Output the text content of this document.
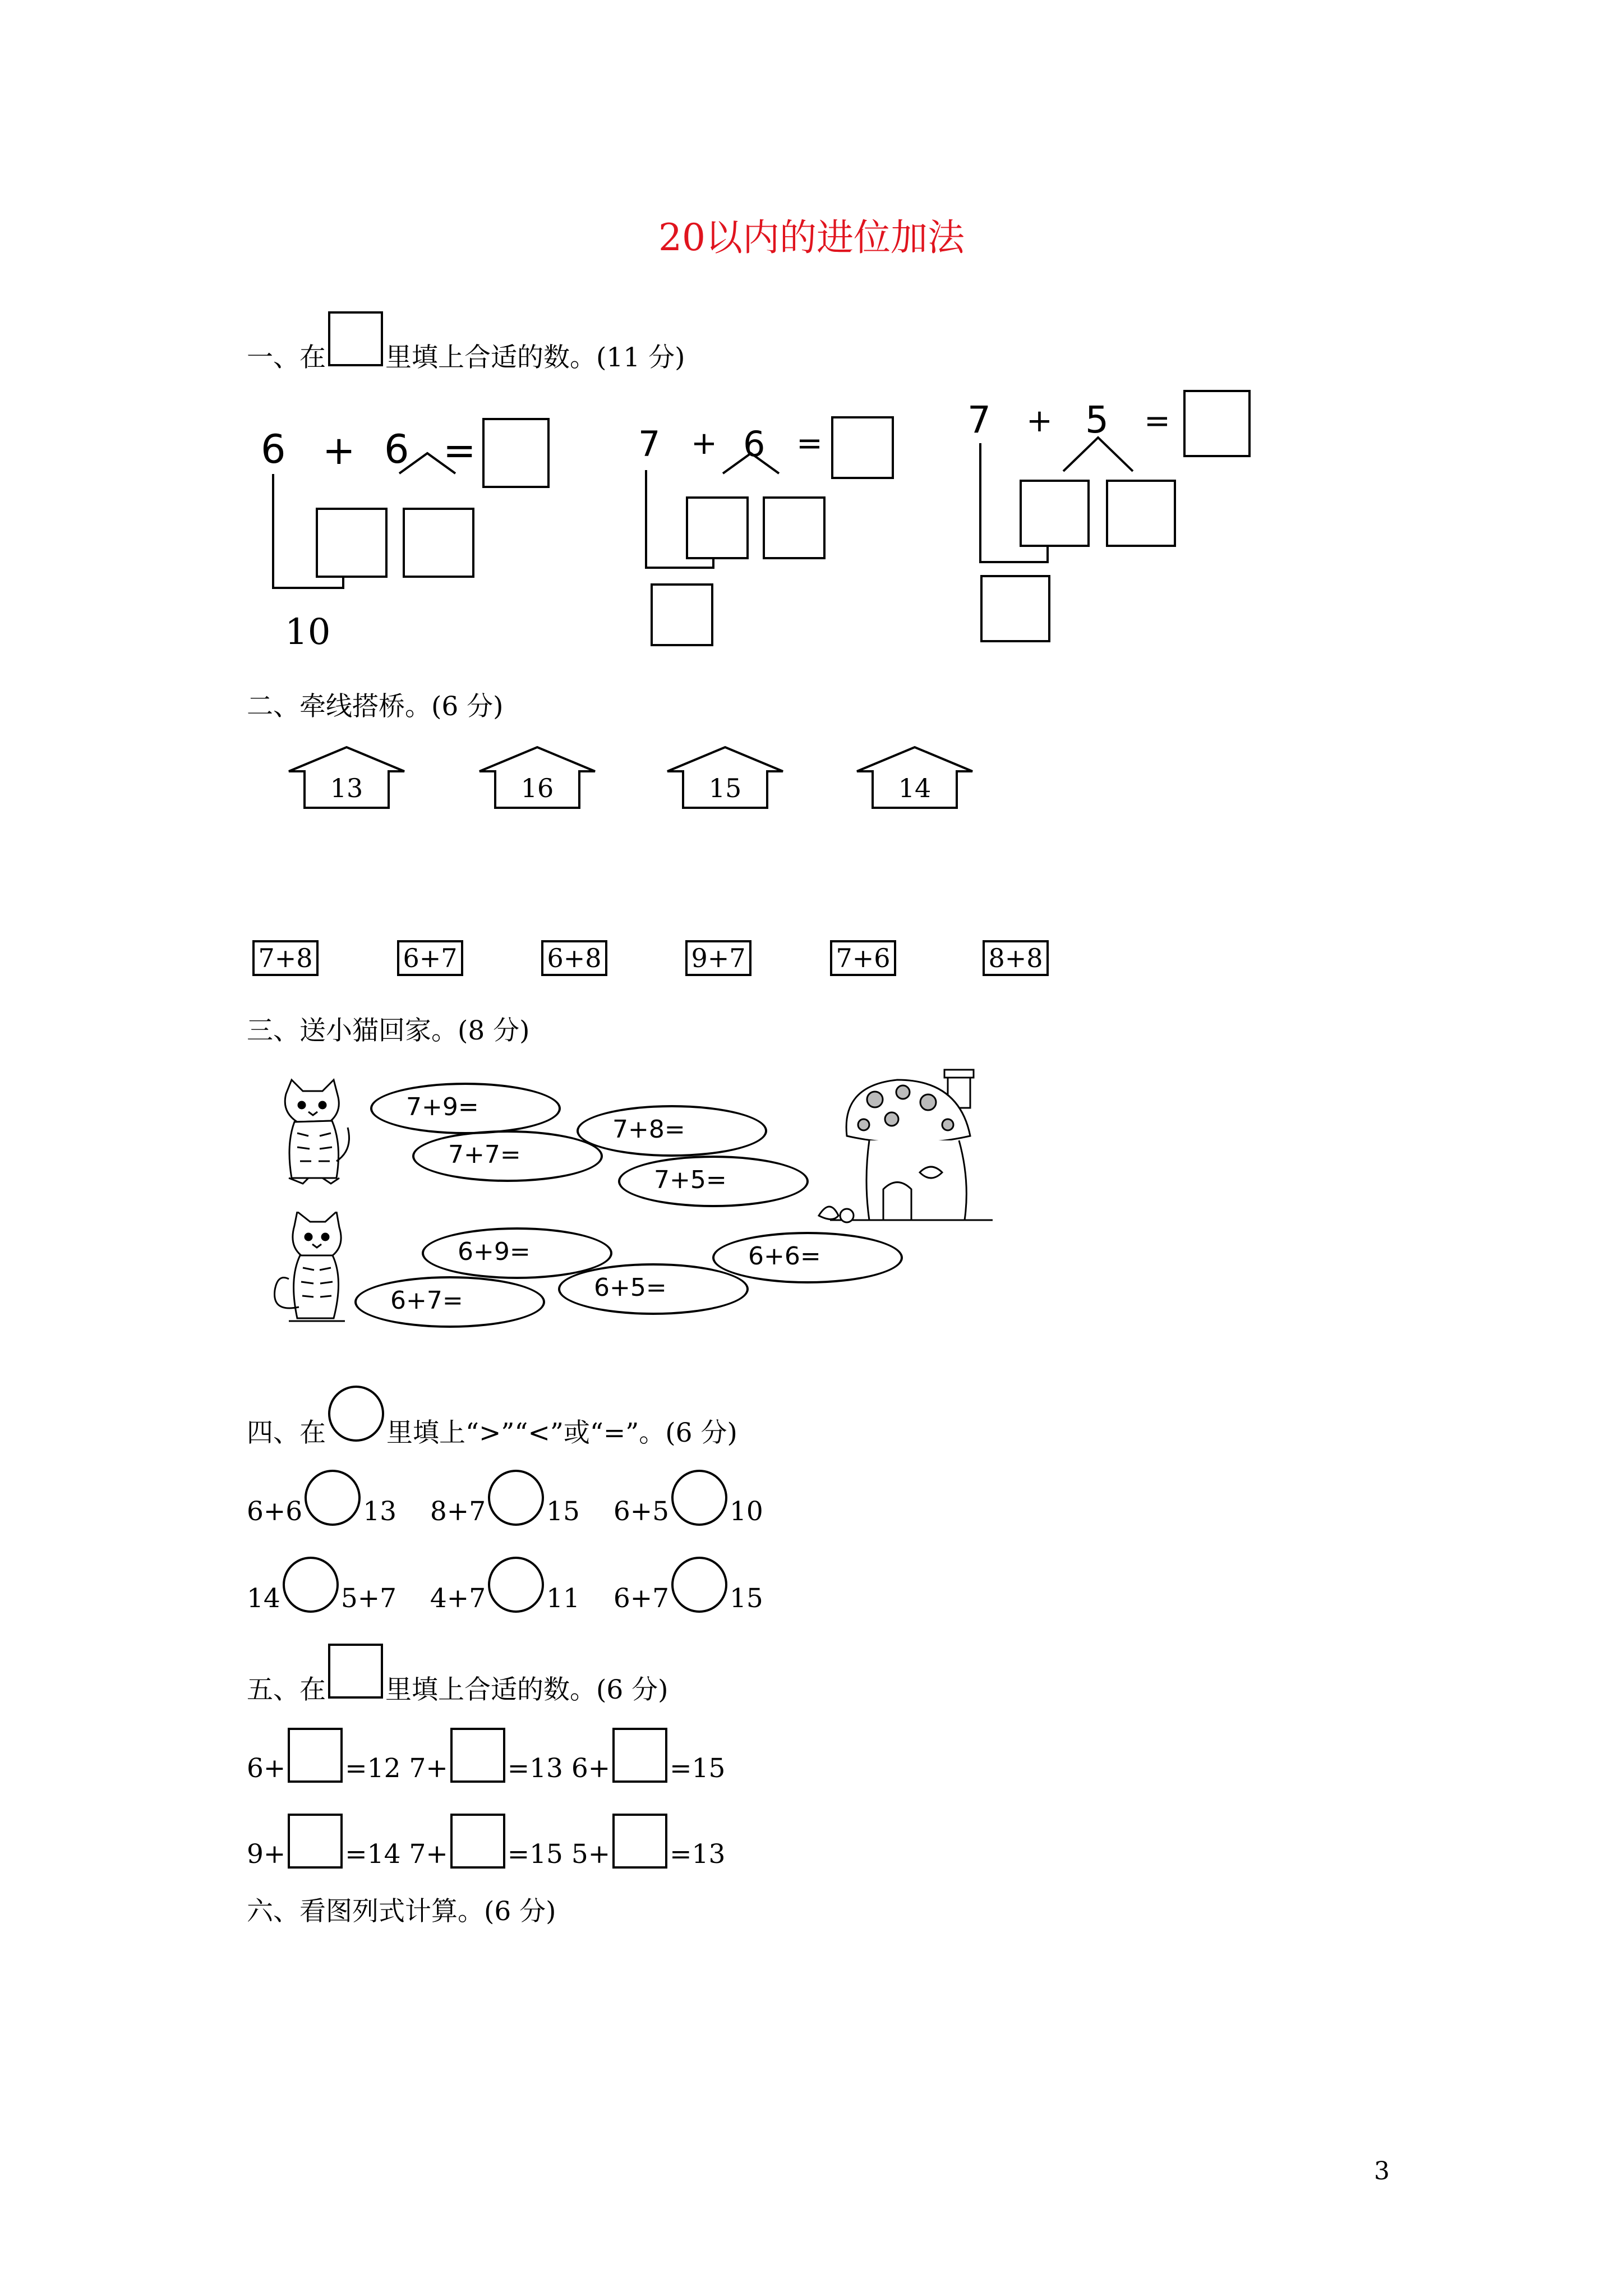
20以内的进位加法
一、在 里填上合适的数。(11 分)
6 + 6 =
10
7 + 6 =
7 + 5 =
二、牵线搭桥。(6 分)
13	16	15	14
7+8	6+7	6+8	9+7	7+6	8+8
三、送小猫回家。(8 分)
7+9=
7+7=
7+8=
7+5=
6+9=
6+7=	6+5=
6+6=
四、在 里填上“>”“<”或“=”。(6 分)
6+6 13 8+7 15 6+5 10
14 5+7 4+7 11 6+7 15
五、在 里填上合适的数。(6 分)
6+ =12 7+ =13 6+ =15
9+ =14 7+ =15 5+ =13
六、看图列式计算。(6 分)
3
